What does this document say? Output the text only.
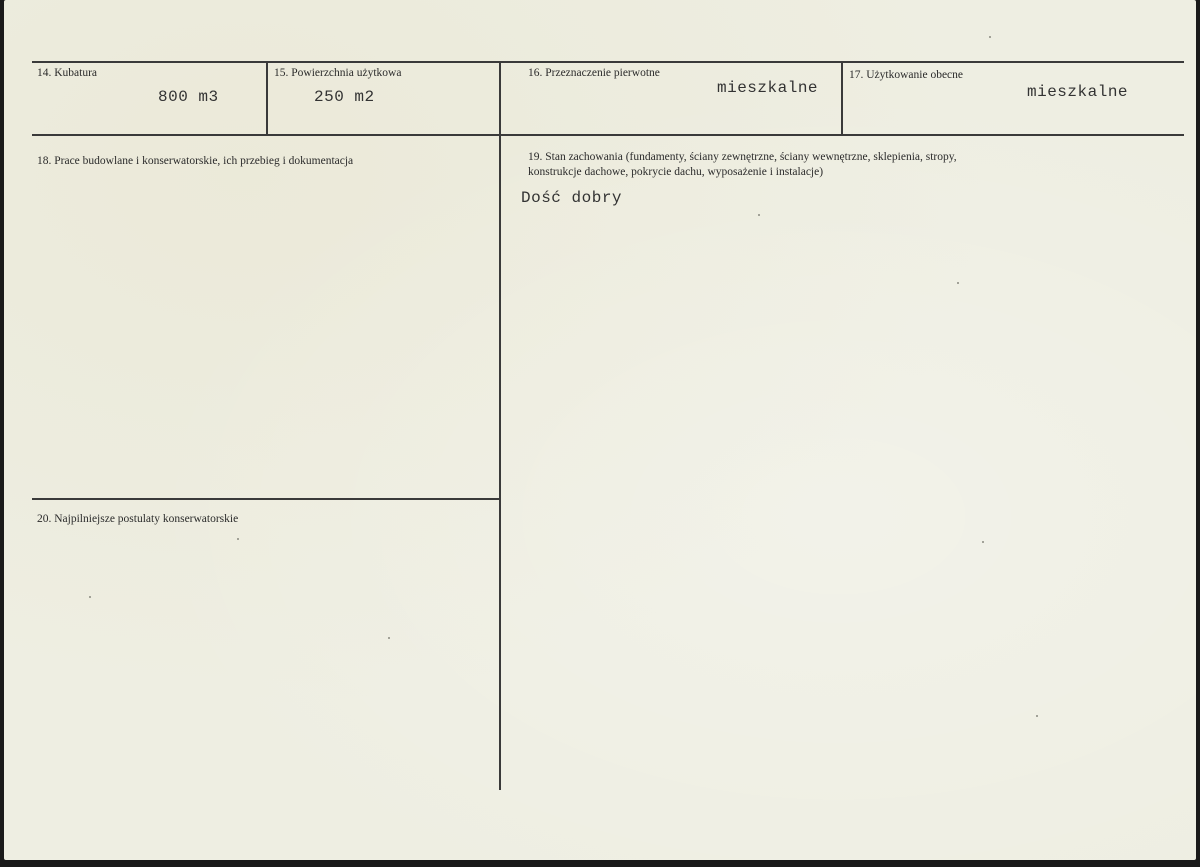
14. Kubatura
800 m3
15. Powierzchnia użytkowa
250 m2
16. Przeznaczenie pierwotne
mieszkalne
17. Użytkowanie obecne
mieszkalne
18. Prace budowlane i konserwatorskie, ich przebieg i dokumentacja	19. Stan zachowania (fundamenty, ściany zewnętrzne, ściany wewnętrzne, sklepienia, stropy,
konstrukcje dachowe, pokrycie dachu, wyposażenie i instalacje)
Dość dobry
20. Najpilniejsze postulaty konserwatorskie
